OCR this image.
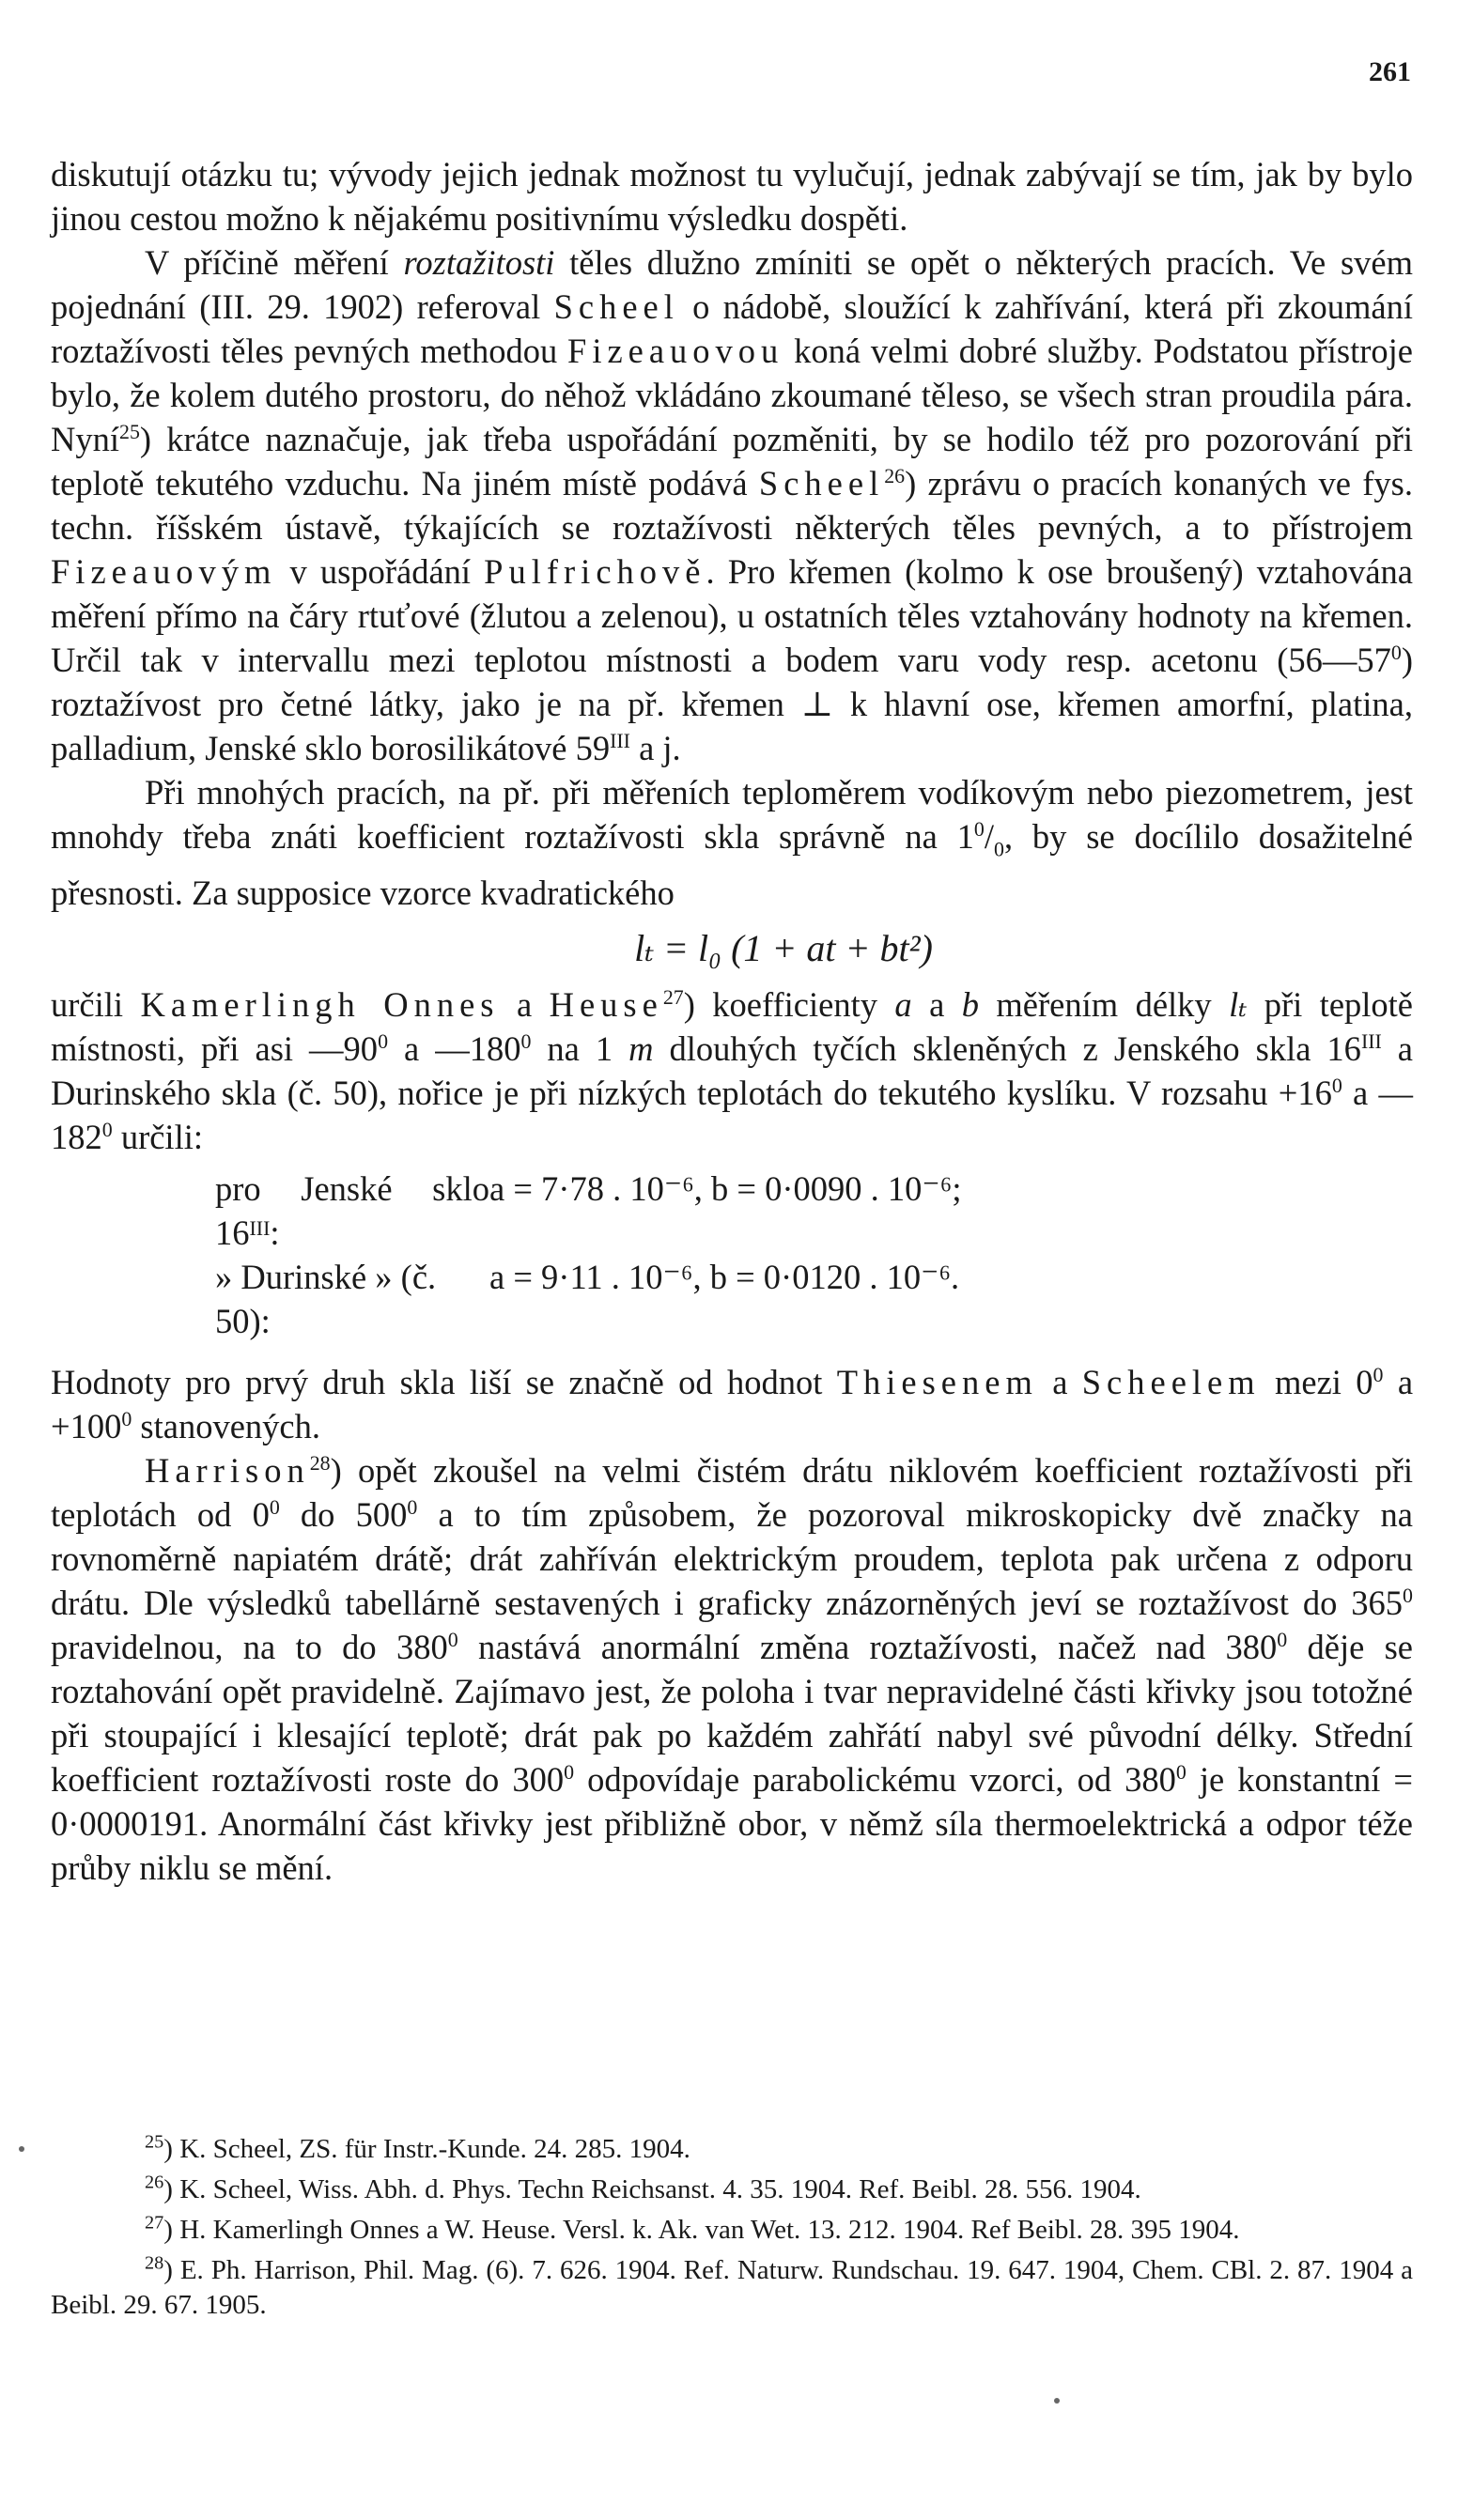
261

diskutují otázku tu; vývody jejich jednak možnost tu vylučují, jednak zabývají se tím, jak by bylo jinou cestou možno k nějakému positivnímu výsledku dospěti.

V příčině měření roztažitosti těles dlužno zmíniti se opět o některých pracích. Ve svém pojednání (III. 29. 1902) referoval Scheel o nádobě, sloužící k zahřívání, která při zkoumání roztažívosti těles pevných methodou Fizeauovou koná velmi dobré služby. Podstatou přístroje bylo, že kolem dutého prostoru, do něhož vkládáno zkoumané těleso, se všech stran proudila pára. Nyní$^{25}$) krátce naznačuje, jak třeba uspořádání pozměniti, by se hodilo též pro pozorování při teplotě tekutého vzduchu. Na jiném místě podává Scheel$^{26}$) zprávu o pracích konaných ve fys. techn. říšském ústavě, týkajících se roztažívosti některých těles pevných, a to přístrojem Fizeauovým v uspořádání Pulfrichově. Pro křemen (kolmo k ose broušený) vztahována měření přímo na čáry rtuťové (žlutou a zelenou), u ostatních těles vztahovány hodnoty na křemen. Určil tak v intervallu mezi teplotou místnosti a bodem varu vody resp. acetonu $(56—57^0)$ roztažívost pro četné látky, jako je na př. křemen ⊥ k hlavní ose, křemen amorfní, platina, palladium, Jenské sklo borosilikátové $59^{III}$ a j.

Při mnohých pracích, na př. při měřeních teploměrem vodíkovým nebo piezometrem, jest mnohdy třeba znáti koefficient roztažívosti skla správně na $1^0/_0$, by se docílilo dosažitelné přesnosti. Za supposice vzorce kvadratického

lₜ = l₀ (1 + at + bt²)

určili Kamerlingh Onnes a Heuse$^{27}$) koefficienty a a b měřením délky lₜ při teplotě místnosti, při asi $—90^0$ a $—180^0$ na 1 m dlouhých tyčích skleněných z Jenského skla $16^{III}$ a Durinského skla (č. 50), nořice je při nízkých teplotách do tekutého kyslíku. V rozsahu $+16^0$ a $—182^0$ určili:

pro Jenské sklo 16ᴵᴵᴵ:
a = 7·78 . 10⁻⁶, b = 0·0090 . 10⁻⁶;
» Durinské » (č. 50):
a = 9·11 . 10⁻⁶, b = 0·0120 . 10⁻⁶.

Hodnoty pro prvý druh skla liší se značně od hodnot Thiesenem a Scheelem mezi $0^0$ $a +100^0$ stanovených.

Harrison$^{28}$) opět zkoušel na velmi čistém drátu niklovém koefficient roztažívosti při teplotách od $0^0$ do $500^0$ a to tím způsobem, že pozoroval mikroskopicky dvě značky na rovnoměrně napiatém drátě; drát zahříván elektrickým proudem, teplota pak určena z odporu drátu. Dle výsledků tabellárně sestavených i graficky znázorněných jeví se roztažívost do $365^0$ pravidelnou, na to do $380^0$ nastává anormální změna roztažívosti, načež nad $380^0$ děje se roztahování opět pravidelně. Zajímavo jest, že poloha i tvar nepravidelné části křivky jsou totožné při stoupající i klesající teplotě; drát pak po každém zahřátí nabyl své původní délky. Střední koefficient roztažívosti roste do $300^0$ odpovídaje parabolickému vzorci, od $380^0$ je konstantní = 0·0000191. Anormální část křivky jest přibližně obor, v němž síla thermoelektrická a odpor téže průby niklu se mění.

$^{25}$) K. Scheel, ZS. für Instr.-Kunde. 24. 285. 1904.

$^{26}$) K. Scheel, Wiss. Abh. d. Phys. Techn Reichsanst. 4. 35. 1904. Ref. Beibl. 28. 556. 1904.

$^{27}$) H. Kamerlingh Onnes a W. Heuse. Versl. k. Ak. van Wet. 13. 212. 1904. Ref Beibl. 28. 395 1904.

$^{28}$) E. Ph. Harrison, Phil. Mag. (6). 7. 626. 1904. Ref. Naturw. Rundschau. 19. 647. 1904, Chem. CBl. 2. 87. 1904 a Beibl. 29. 67. 1905.
